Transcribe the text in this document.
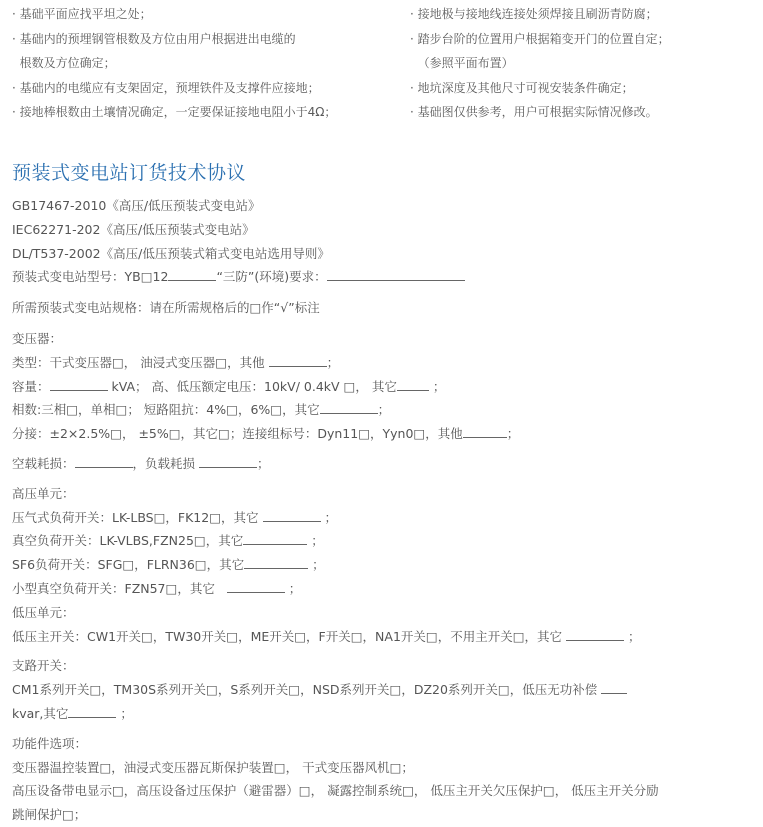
· 基础平面应找平坦之处；
· 基础内的预埋钢管根数及方位由用户根据进出电缆的
根数及方位确定；
· 基础内的电缆应有支架固定，预埋铁件及支撑件应接地；
· 接地棒根数由土壤情况确定，一定要保证接地电阻小于4Ω；
· 接地极与接地线连接处须焊接且刷沥青防腐；
· 踏步台阶的位置用户根据箱变开门的位置自定；
（参照平面布置）
· 地坑深度及其他尺寸可视安装条件确定；
· 基础图仅供参考，用户可根据实际情况修改。
预装式变电站订货技术协议
GB17467-2010《高压/低压预装式变电站》
IEC62271-202《高压/低压预装式变电站》
DL/T537-2002《高压/低压预装式箱式变电站选用导则》
预装式变电站型号：YB□12	“三防”(环境)要求：
所需预装式变电站规格：请在所需规格后的□作“√”标注
变压器：
类型：干式变压器□， 油浸式变压器□，其他	；
容量：	kVA； 高、低压额定电压：10kV/ 0.4kV □， 其它	；
相数:三相□，单相□； 短路阻抗：4%□，6%□，其它	；
分接：±2×2.5%□， ±5%□，其它□；连接组标号：Dyn11□，Yyn0□，其他	；
空载耗损：	，负载耗损	；
高压单元：
压气式负荷开关：LK-LBS□，FK12□，其它	；
真空负荷开关：LK-VLBS,FZN25□，其它	；
SF6负荷开关：SFG□，FLRN36□，其它	；
小型真空负荷开关：FZN57□，其它	；
低压单元：
低压主开关：CW1开关□，TW30开关□，ME开关□，F开关□，NA1开关□，不用主开关□，其它	；
支路开关：
CM1系列开关□，TM30S系列开关□，S系列开关□，NSD系列开关□，DZ20系列开关□，低压无功补偿
kvar,其它	；
功能件选项：
变压器温控装置□，油浸式变压器瓦斯保护装置□， 干式变压器风机□；
高压设备带电显示□，高压设备过压保护（避雷器）□， 凝露控制系统□， 低压主开关欠压保护□， 低压主开关分励
跳闸保护□；
